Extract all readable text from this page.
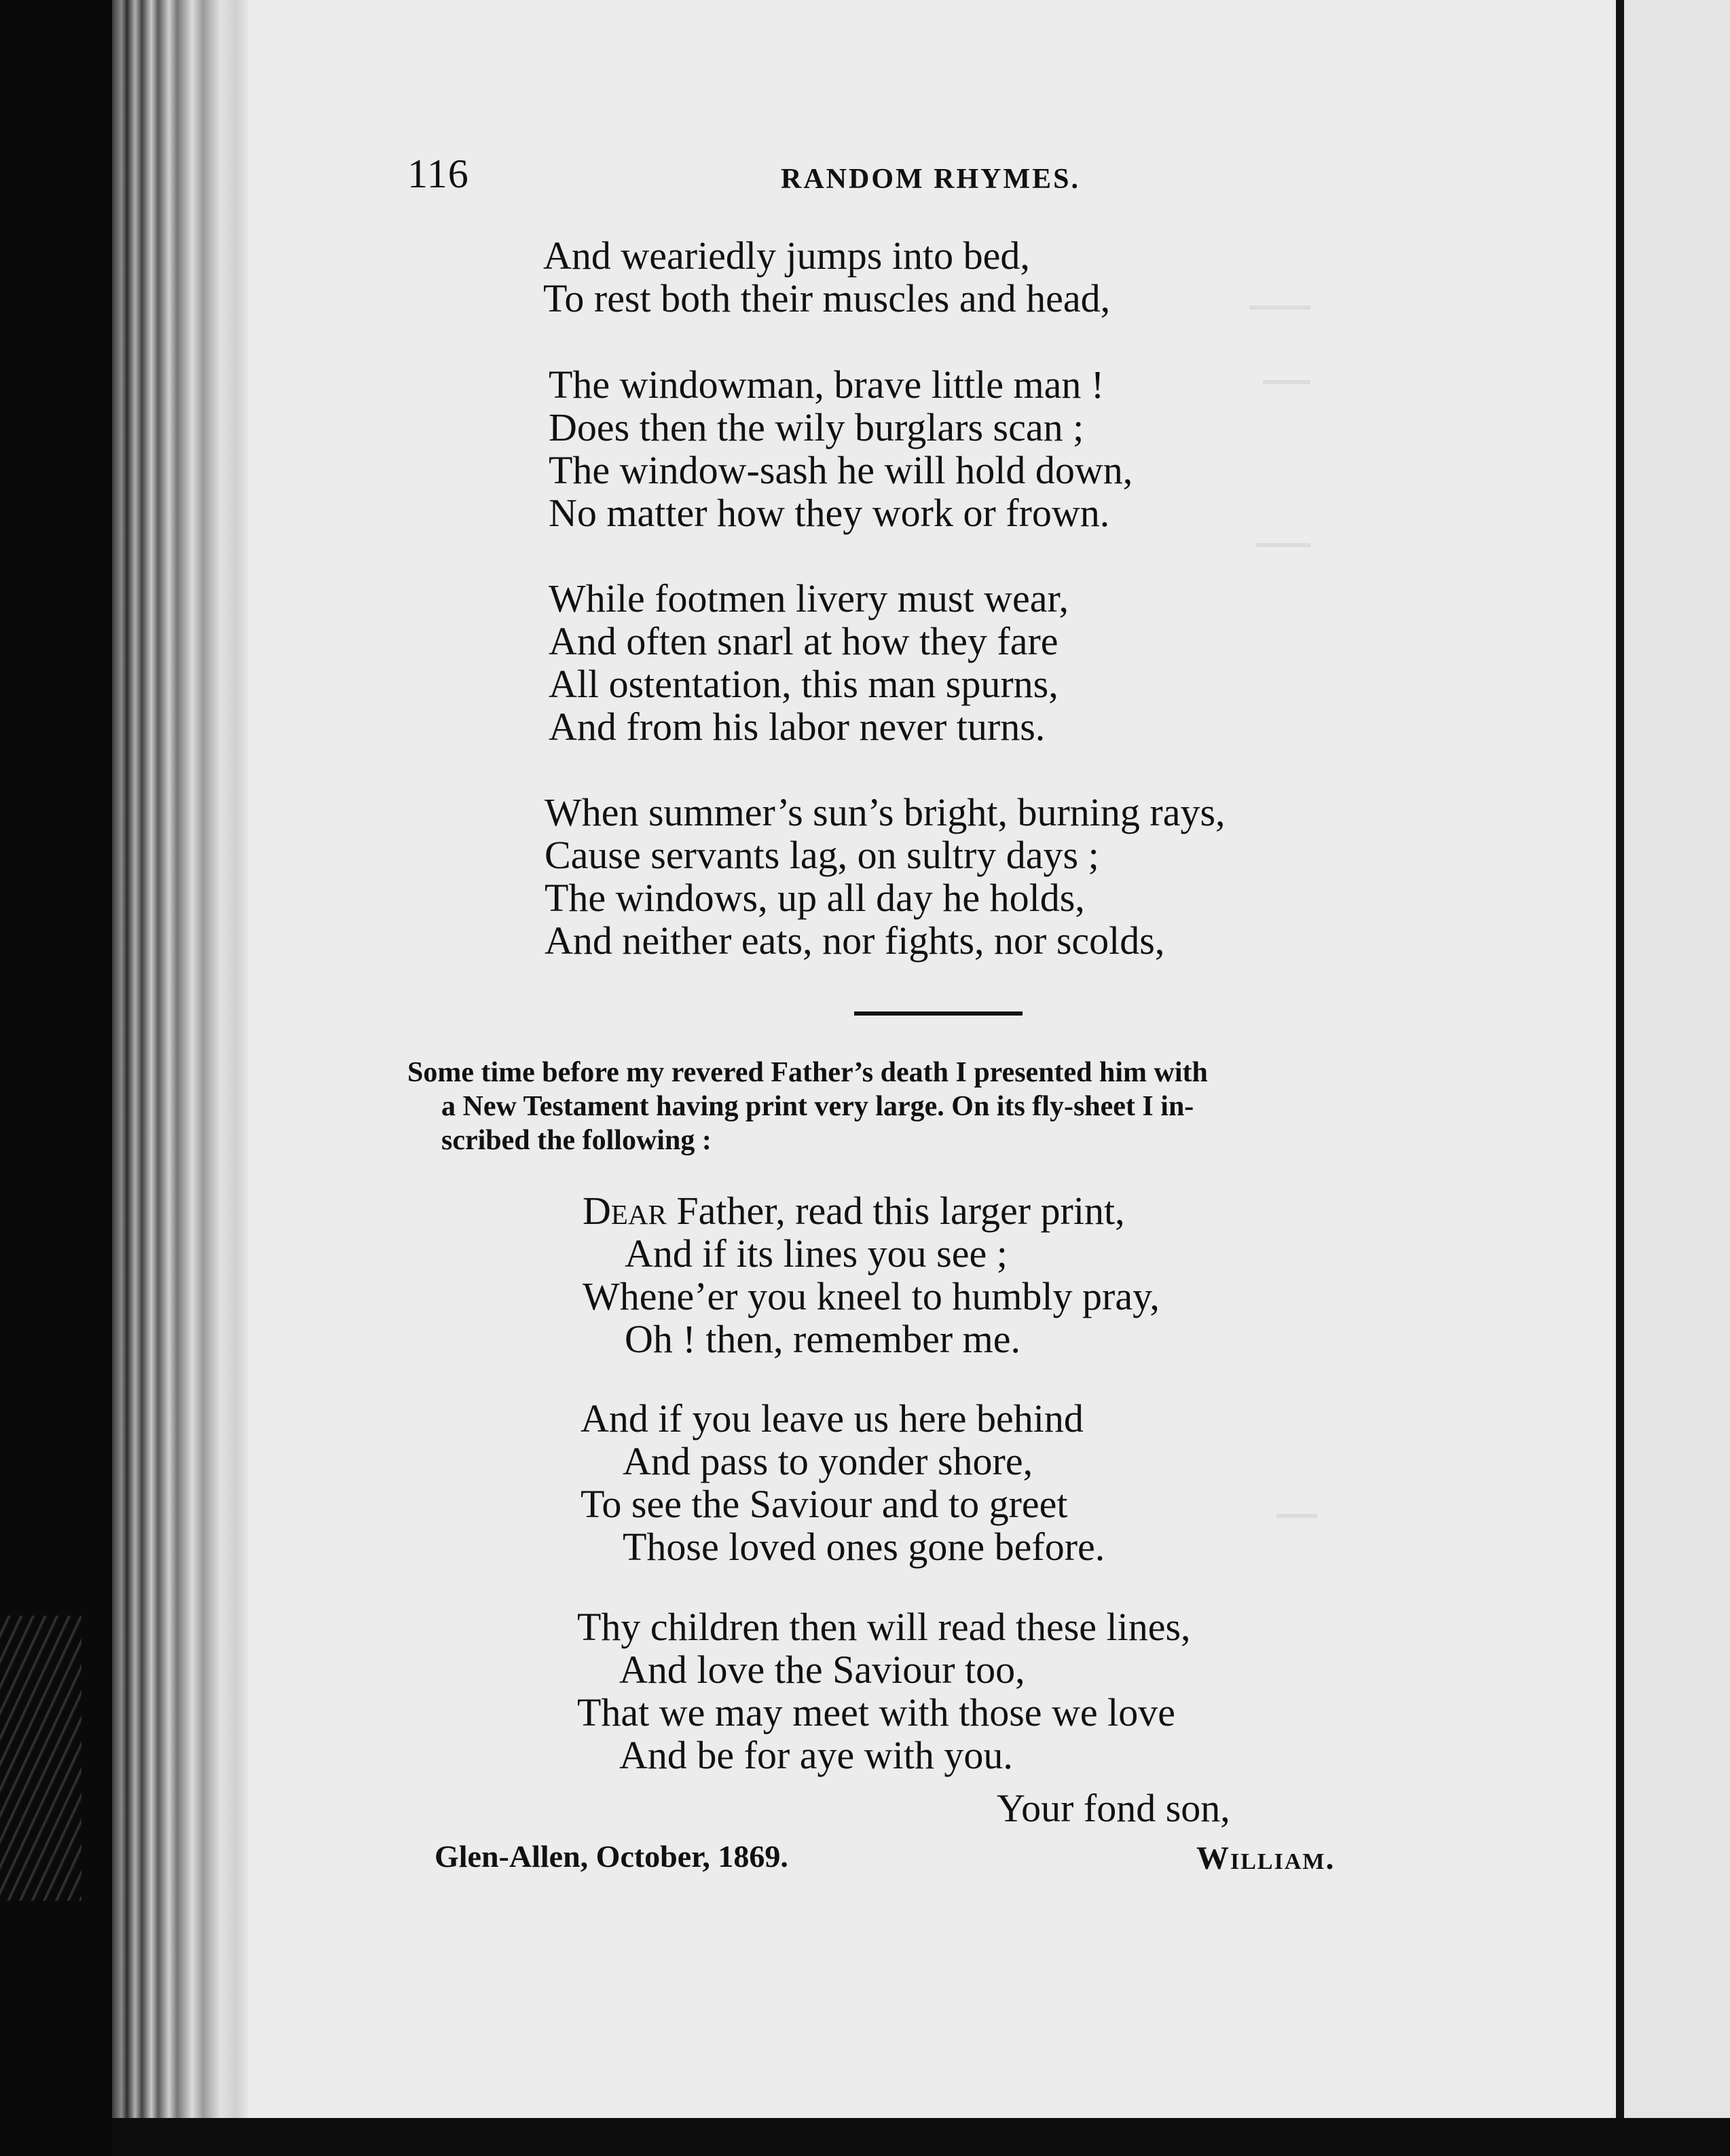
116	RANDOM RHYMES.
And weariedly jumps into bed,
To rest both their muscles and head,
The windowman, brave little man !
Does then the wily burglars scan ;
The window-sash he will hold down,
No matter how they work or frown.
While footmen livery must wear,
And often snarl at how they fare
All ostentation, this man spurns,
And from his labor never turns.
When summer’s sun’s bright, burning rays,
Cause servants lag, on sultry days ;
The windows, up all day he holds,
And neither eats, nor fights, nor scolds,
Some time before my revered Father’s death I presented him with
a New Testament having print very large. On its fly-sheet I in-
scribed the following :
Dear Father, read this larger print,
And if its lines you see ;
Whene’er you kneel to humbly pray,
Oh ! then, remember me.
And if you leave us here behind
And pass to yonder shore,
To see the Saviour and to greet
Those loved ones gone before.
Thy children then will read these lines,
And love the Saviour too,
That we may meet with those we love
And be for aye with you.
Your fond son,
Glen-Allen, October, 1869.	William.
